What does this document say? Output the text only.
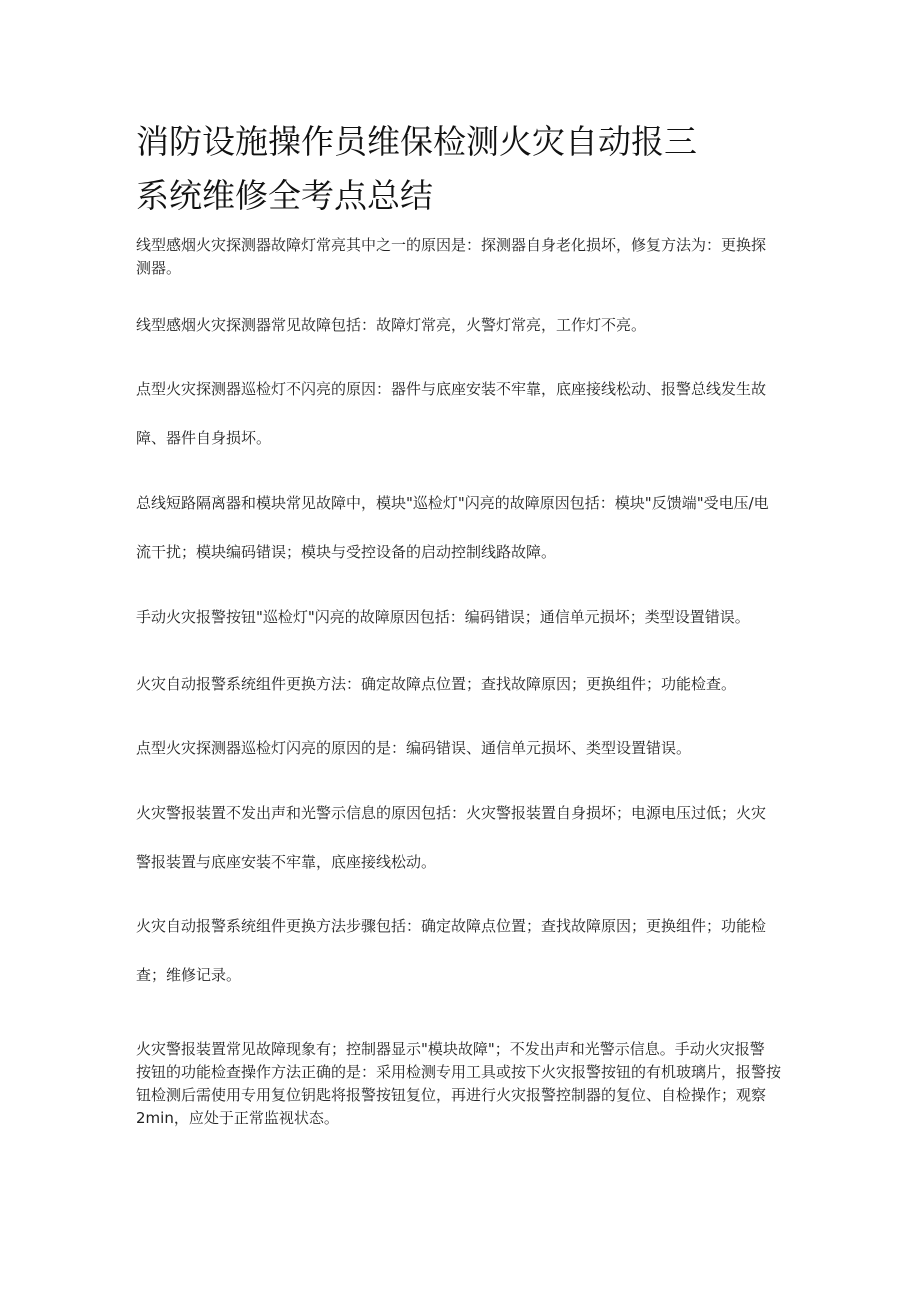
消防设施操作员维保检测火灾自动报三
系统维修全考点总结

线型感烟火灾探测器故障灯常亮其中之一的原因是：探测器自身老化损坏，修复方法为：更换探

测器。

线型感烟火灾探测器常见故障包括：故障灯常亮，火警灯常亮，工作灯不亮。

点型火灾探测器巡检灯不闪亮的原因：器件与底座安装不牢靠，底座接线松动、报警总线发生故

障、器件自身损坏。

总线短路隔离器和模块常见故障中，模块"巡检灯"闪亮的故障原因包括：模块"反馈端"受电压/电

流干扰；模块编码错误；模块与受控设备的启动控制线路故障。

手动火灾报警按钮"巡检灯"闪亮的故障原因包括：编码错误；通信单元损坏；类型设置错误。

火灾自动报警系统组件更换方法：确定故障点位置；查找故障原因；更换组件；功能检查。

点型火灾探测器巡检灯闪亮的原因的是：编码错误、通信单元损坏、类型设置错误。

火灾警报装置不发出声和光警示信息的原因包括：火灾警报装置自身损坏；电源电压过低；火灾

警报装置与底座安装不牢靠，底座接线松动。

火灾自动报警系统组件更换方法步骤包括：确定故障点位置；查找故障原因；更换组件；功能检

查；维修记录。

火灾警报装置常见故障现象有；控制器显示"模块故障"；不发出声和光警示信息。手动火灾报警

按钮的功能检查操作方法正确的是：采用检测专用工具或按下火灾报警按钮的有机玻璃片，报警按

钮检测后需使用专用复位钥匙将报警按钮复位，再进行火灾报警控制器的复位、自检操作；观察

2min，应处于正常监视状态。
